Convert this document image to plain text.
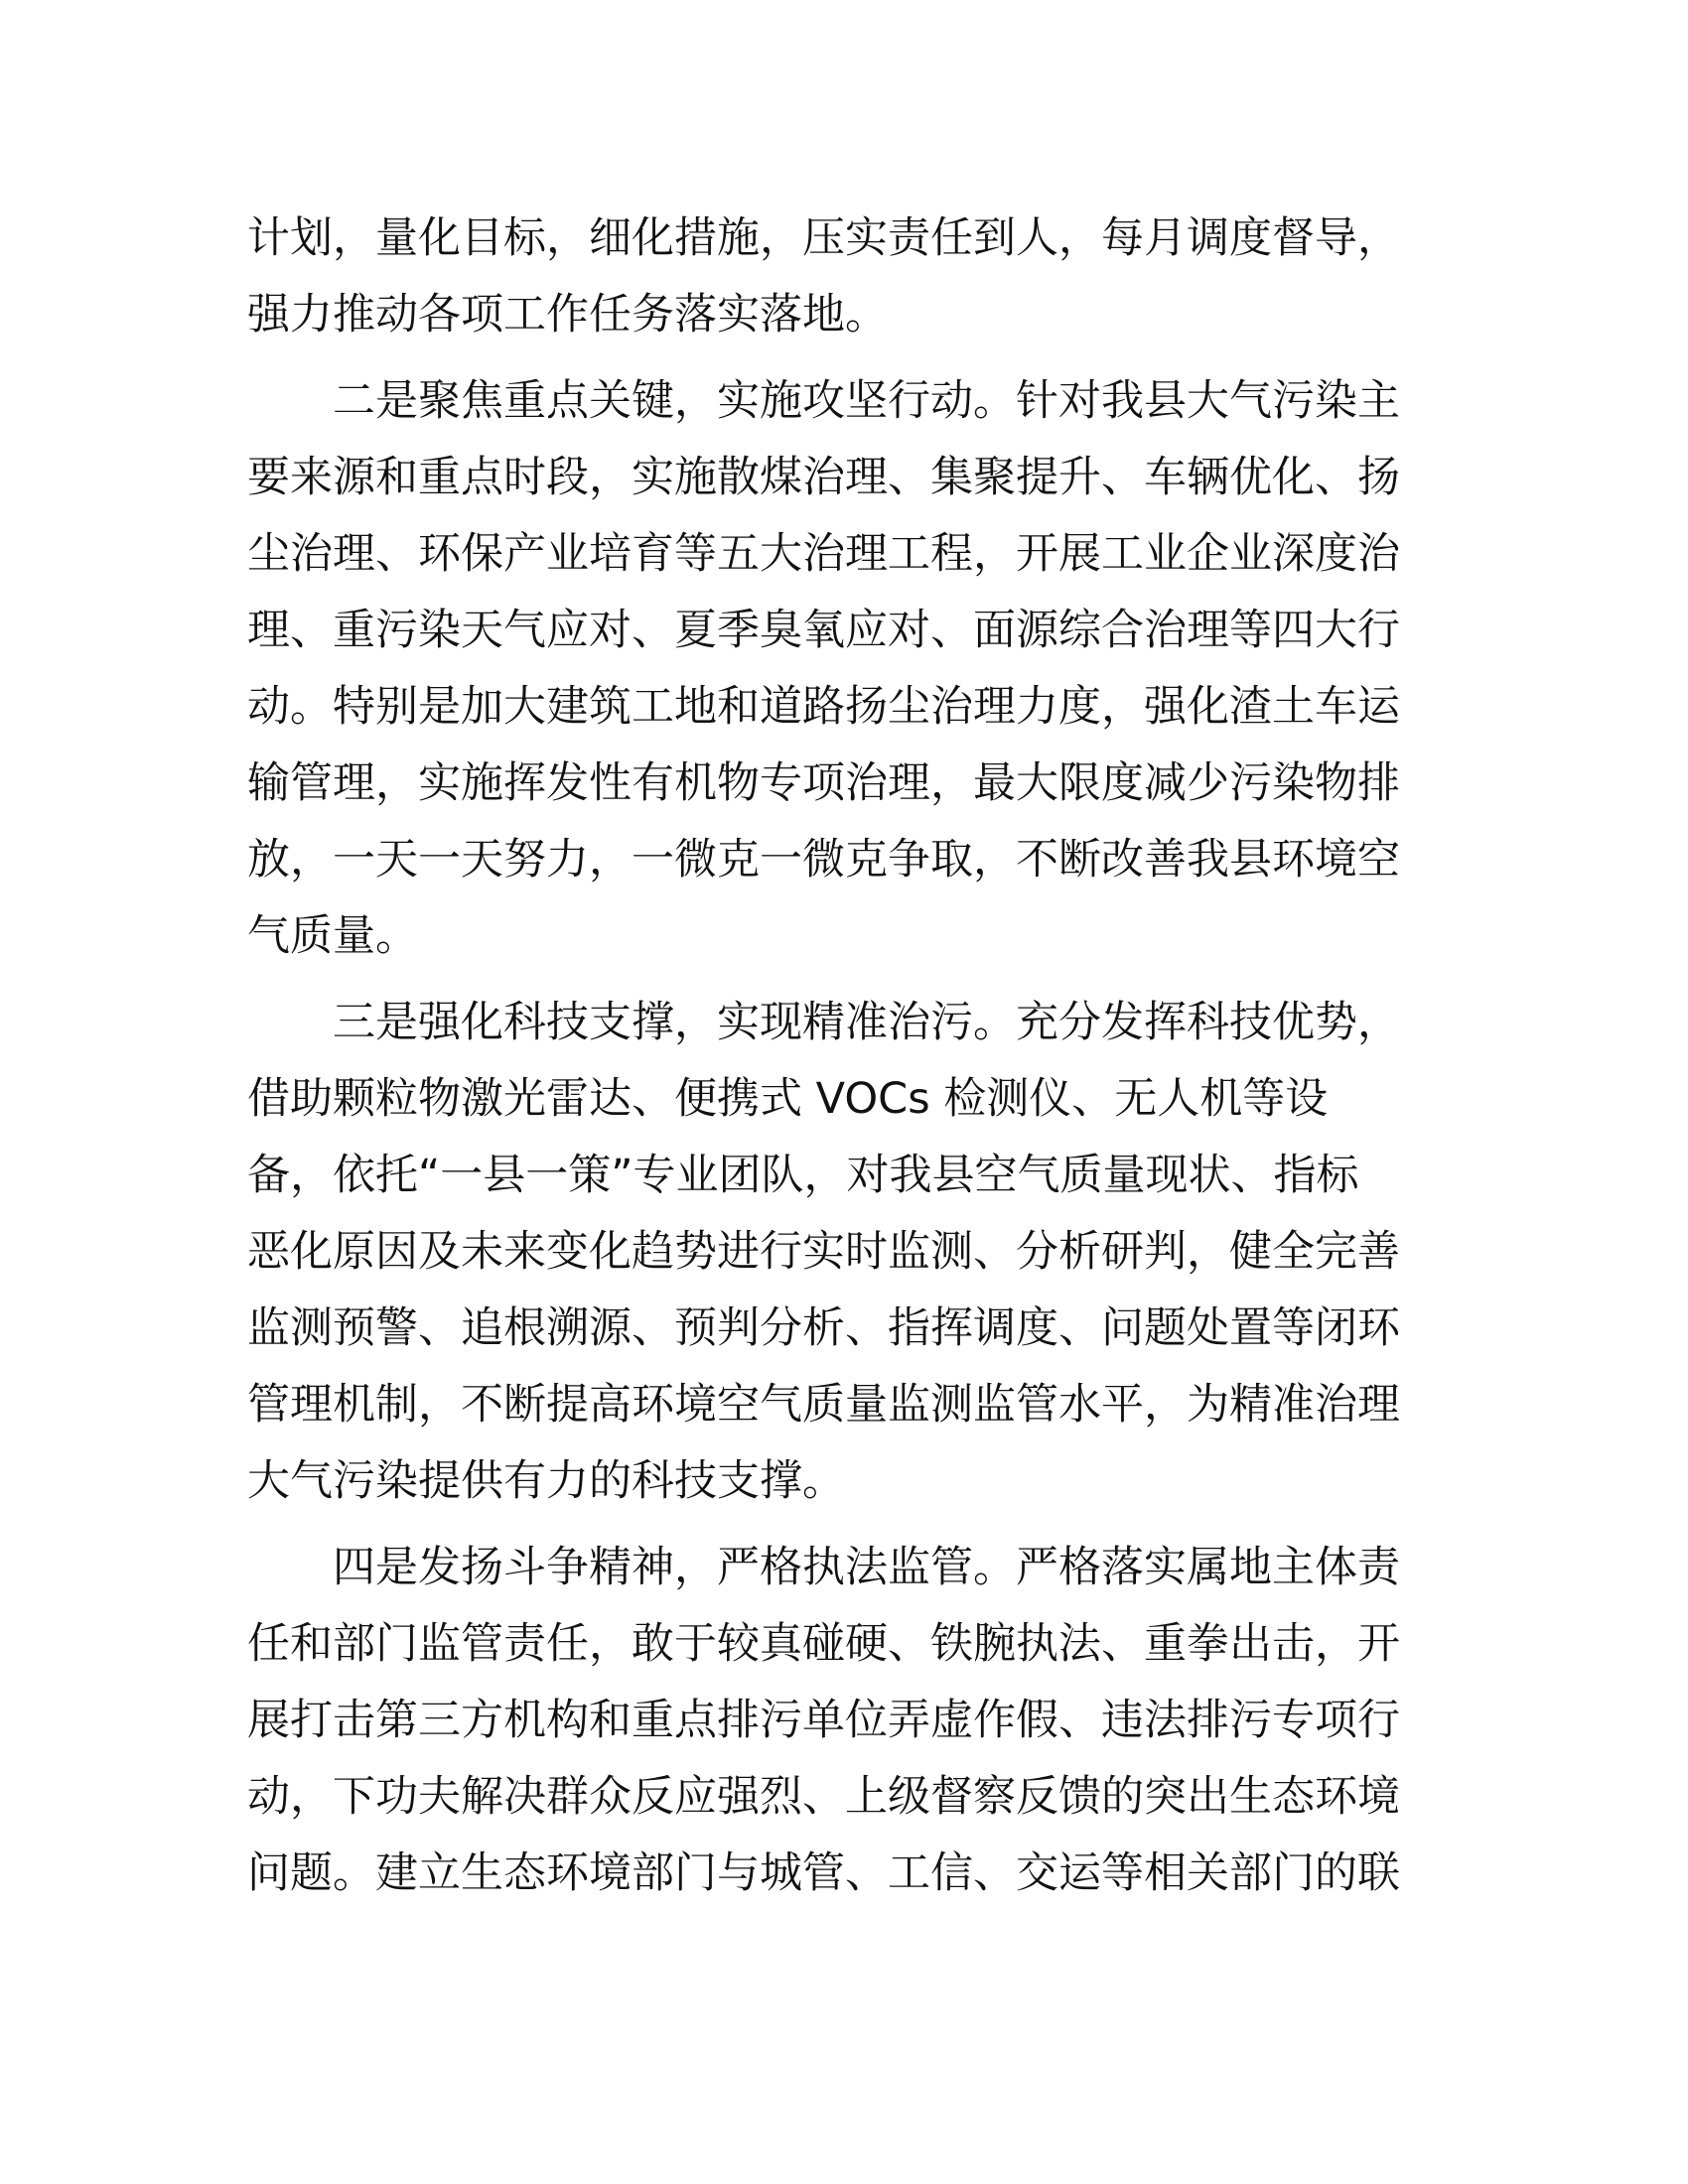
计划，量化目标，细化措施，压实责任到人，每月调度督导，
强力推动各项工作任务落实落地。
　　二是聚焦重点关键，实施攻坚行动。针对我县大气污染主
要来源和重点时段，实施散煤治理、集聚提升、车辆优化、扬
尘治理、环保产业培育等五大治理工程，开展工业企业深度治
理、重污染天气应对、夏季臭氧应对、面源综合治理等四大行
动。特别是加大建筑工地和道路扬尘治理力度，强化渣土车运
输管理，实施挥发性有机物专项治理，最大限度减少污染物排
放，一天一天努力，一微克一微克争取，不断改善我县环境空
气质量。
　　三是强化科技支撑，实现精准治污。充分发挥科技优势，
借助颗粒物激光雷达、便携式 VOCs 检测仪、无人机等设
备，依托“一县一策”专业团队，对我县空气质量现状、指标
恶化原因及未来变化趋势进行实时监测、分析研判，健全完善
监测预警、追根溯源、预判分析、指挥调度、问题处置等闭环
管理机制，不断提高环境空气质量监测监管水平，为精准治理
大气污染提供有力的科技支撑。
　　四是发扬斗争精神，严格执法监管。严格落实属地主体责
任和部门监管责任，敢于较真碰硬、铁腕执法、重拳出击，开
展打击第三方机构和重点排污单位弄虚作假、违法排污专项行
动，下功夫解决群众反应强烈、上级督察反馈的突出生态环境
问题。建立生态环境部门与城管、工信、交运等相关部门的联
